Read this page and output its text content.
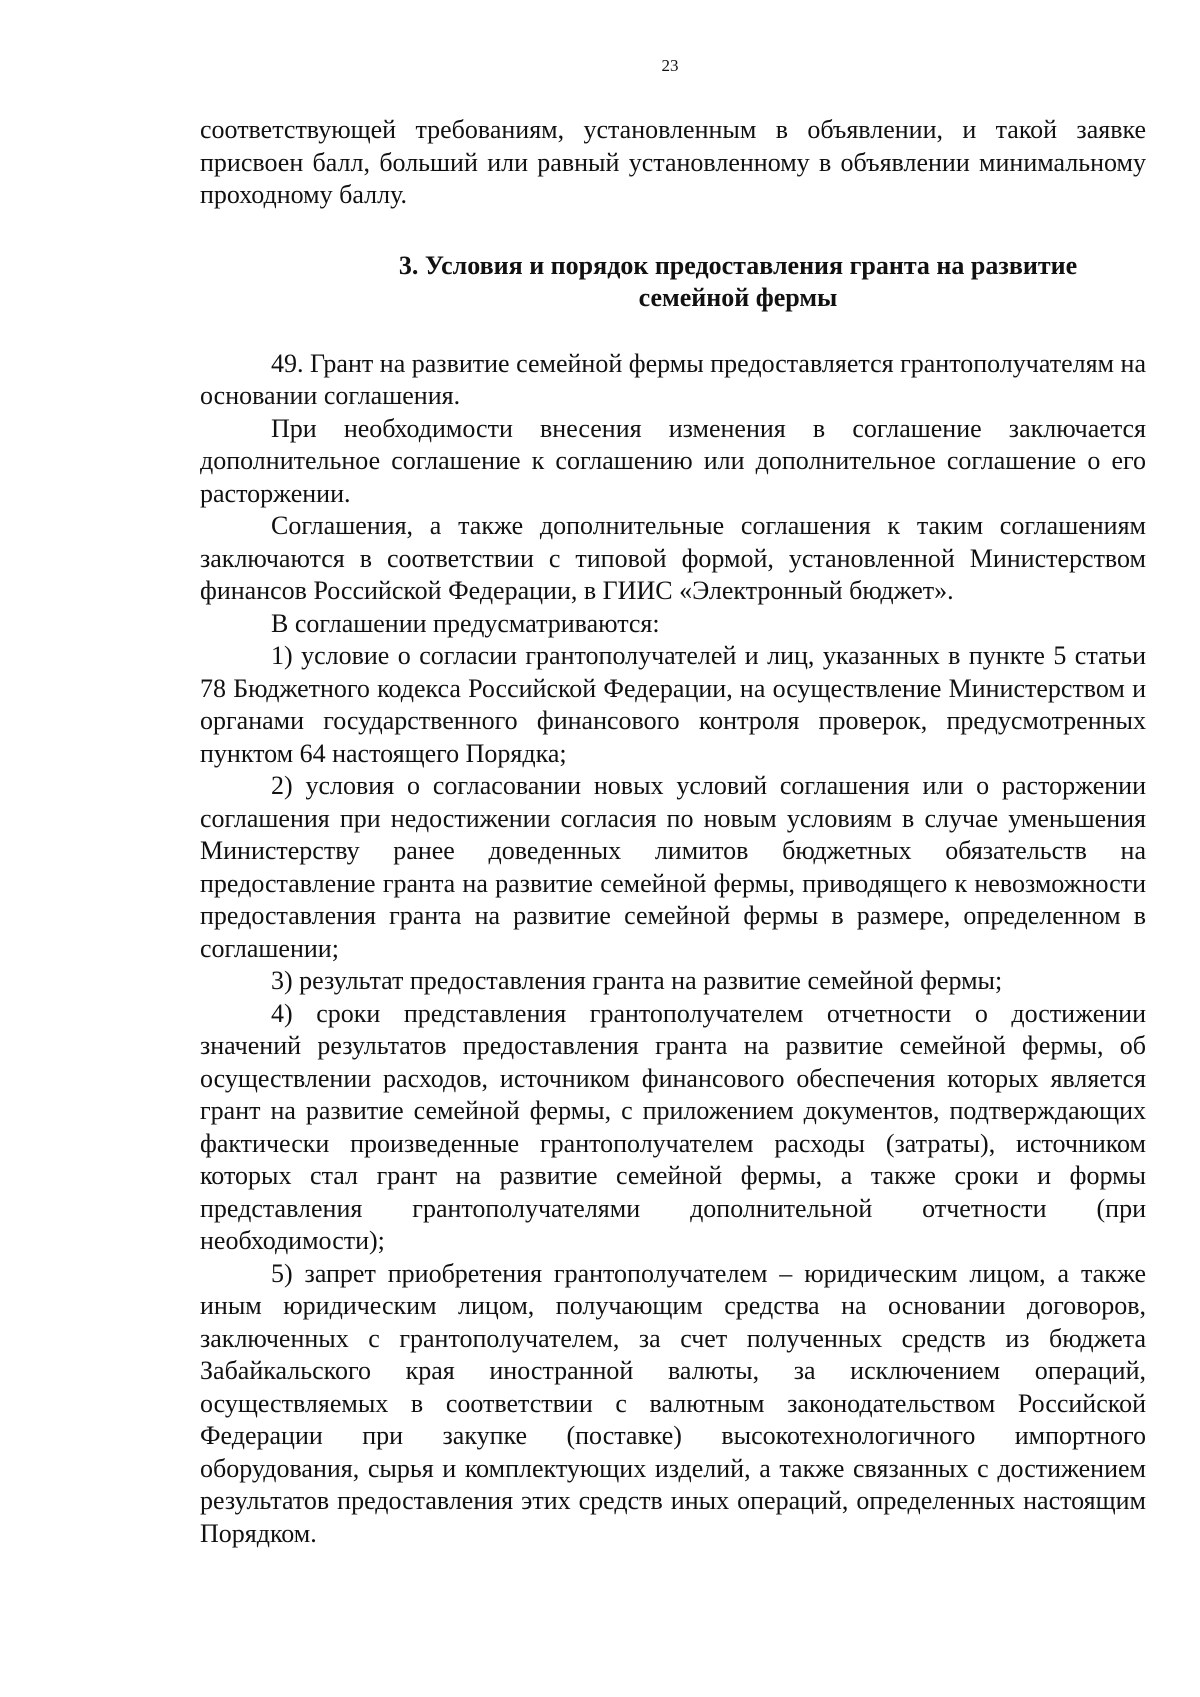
23

соответствующей требованиям, установленным в объявлении, и такой заявке присвоен балл, больший или равный установленному в объявлении минимальному проходному баллу.

3. Условия и порядок предоставления гранта на развитие семейной фермы

49. Грант на развитие семейной фермы предоставляется грантополучателям на основании соглашения.

При необходимости внесения изменения в соглашение заключается дополнительное соглашение к соглашению или дополнительное соглашение о его расторжении.

Соглашения, а также дополнительные соглашения к таким соглашениям заключаются в соответствии с типовой формой, установленной Министерством финансов Российской Федерации, в ГИИС «Электронный бюджет».

В соглашении предусматриваются:

1) условие о согласии грантополучателей и лиц, указанных в пункте 5 статьи 78 Бюджетного кодекса Российской Федерации, на осуществление Министерством и органами государственного финансового контроля проверок, предусмотренных пунктом 64 настоящего Порядка;

2) условия о согласовании новых условий соглашения или о расторжении соглашения при недостижении согласия по новым условиям в случае уменьшения Министерству ранее доведенных лимитов бюджетных обязательств на предоставление гранта на развитие семейной фермы, приводящего к невозможности предоставления гранта на развитие семейной фермы в размере, определенном в соглашении;

3) результат предоставления гранта на развитие семейной фермы;

4) сроки представления грантополучателем отчетности о достижении значений результатов предоставления гранта на развитие семейной фермы, об осуществлении расходов, источником финансового обеспечения которых является грант на развитие семейной фермы, с приложением документов, подтверждающих фактически произведенные грантополучателем расходы (затраты), источником которых стал грант на развитие семейной фермы, а также сроки и формы представления грантополучателями дополнительной отчетности (при необходимости);

5) запрет приобретения грантополучателем – юридическим лицом, а также иным юридическим лицом, получающим средства на основании договоров, заключенных с грантополучателем, за счет полученных средств из бюджета Забайкальского края иностранной валюты, за исключением операций, осуществляемых в соответствии с валютным законодательством Российской Федерации при закупке (поставке) высокотехнологичного импортного оборудования, сырья и комплектующих изделий, а также связанных с достижением результатов предоставления этих средств иных операций, определенных настоящим Порядком.
